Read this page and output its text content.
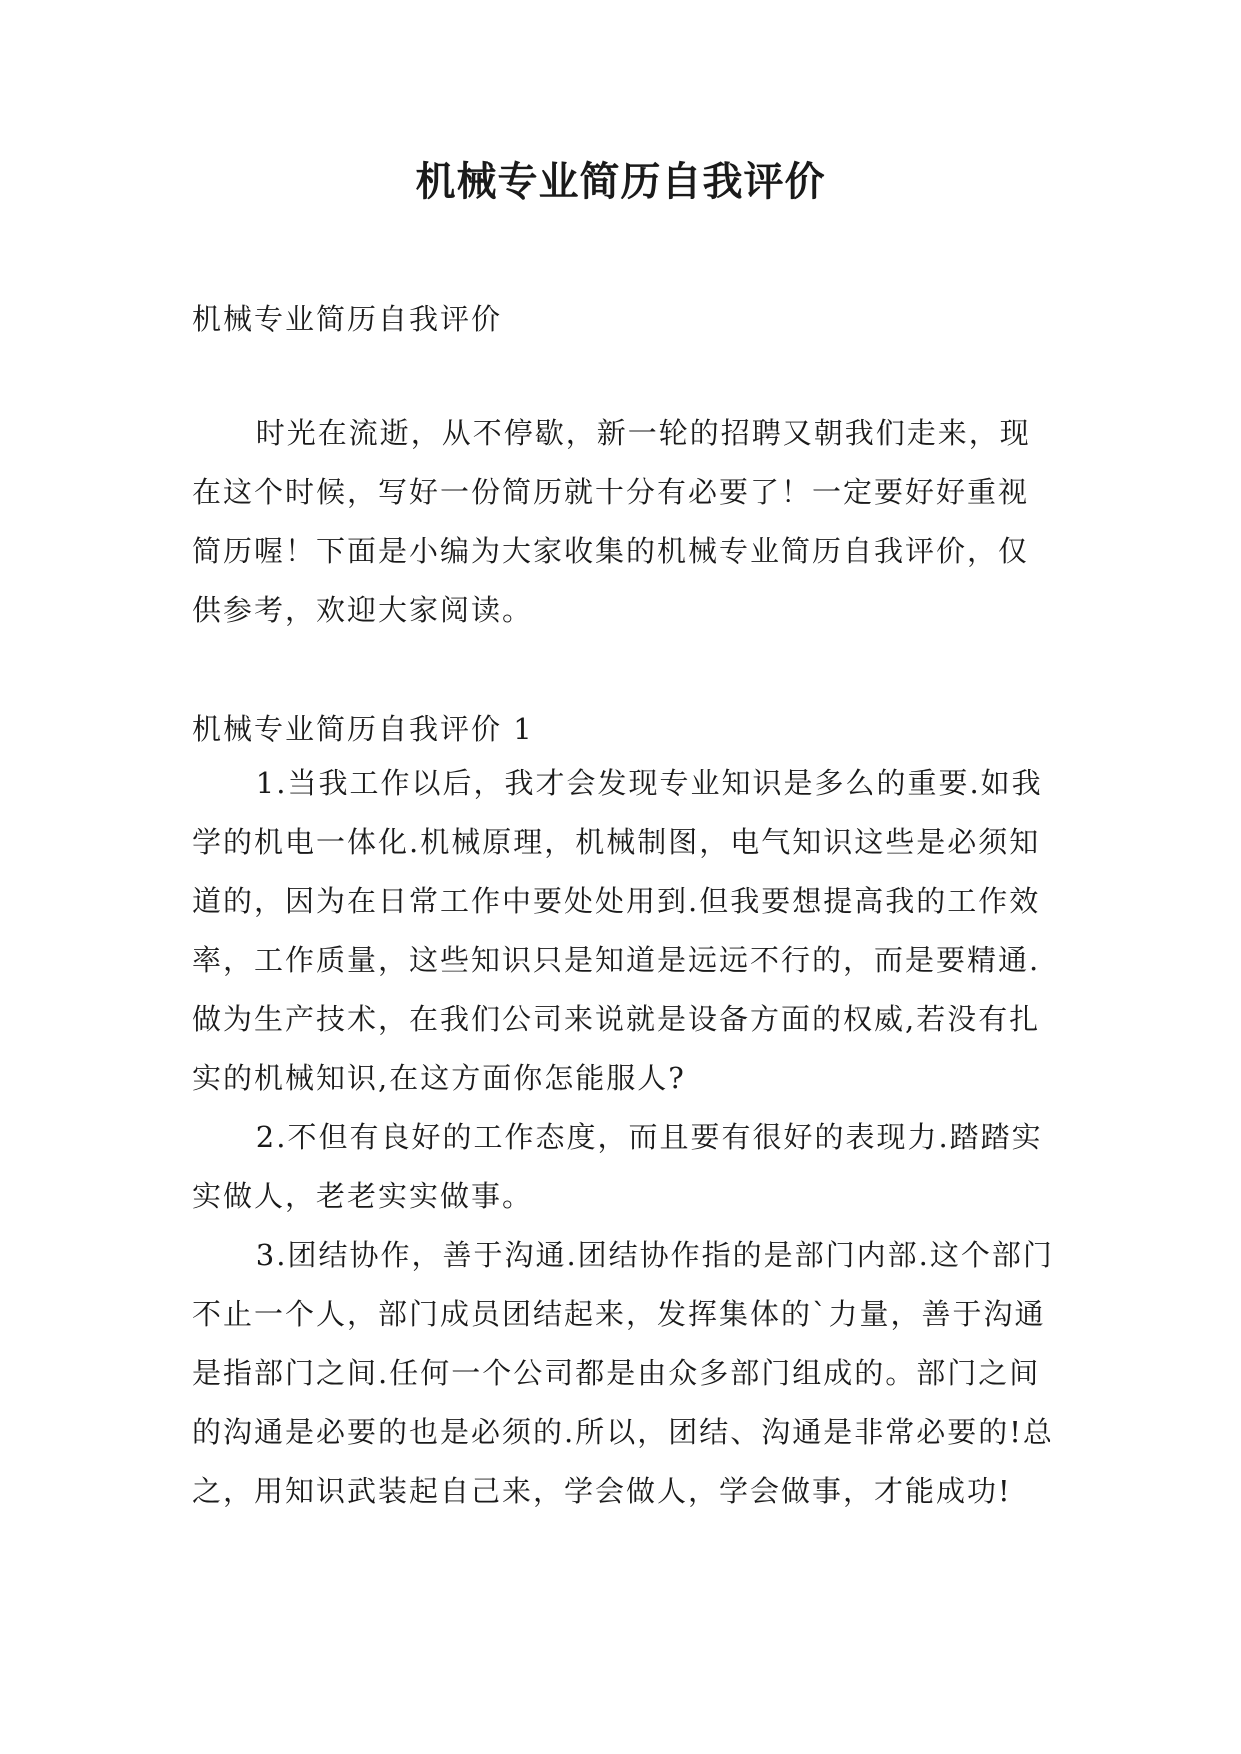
机械专业简历自我评价

机械专业简历自我评价

时光在流逝，从不停歇，新一轮的招聘又朝我们走来，现在这个时候，写好一份简历就十分有必要了！一定要好好重视简历喔！下面是小编为大家收集的机械专业简历自我评价，仅供参考，欢迎大家阅读。

机械专业简历自我评价 1

1.当我工作以后，我才会发现专业知识是多么的重要.如我学的机电一体化.机械原理，机械制图，电气知识这些是必须知道的，因为在日常工作中要处处用到.但我要想提高我的工作效率，工作质量，这些知识只是知道是远远不行的，而是要精通.做为生产技术，在我们公司来说就是设备方面的权威,若没有扎实的机械知识,在这方面你怎能服人?

2.不但有良好的工作态度，而且要有很好的表现力.踏踏实实做人，老老实实做事。

3.团结协作，善于沟通.团结协作指的是部门内部.这个部门不止一个人，部门成员团结起来，发挥集体的`力量，善于沟通是指部门之间.任何一个公司都是由众多部门组成的。部门之间的沟通是必要的也是必须的.所以，团结、沟通是非常必要的!总之，用知识武装起自己来，学会做人，学会做事，才能成功!
